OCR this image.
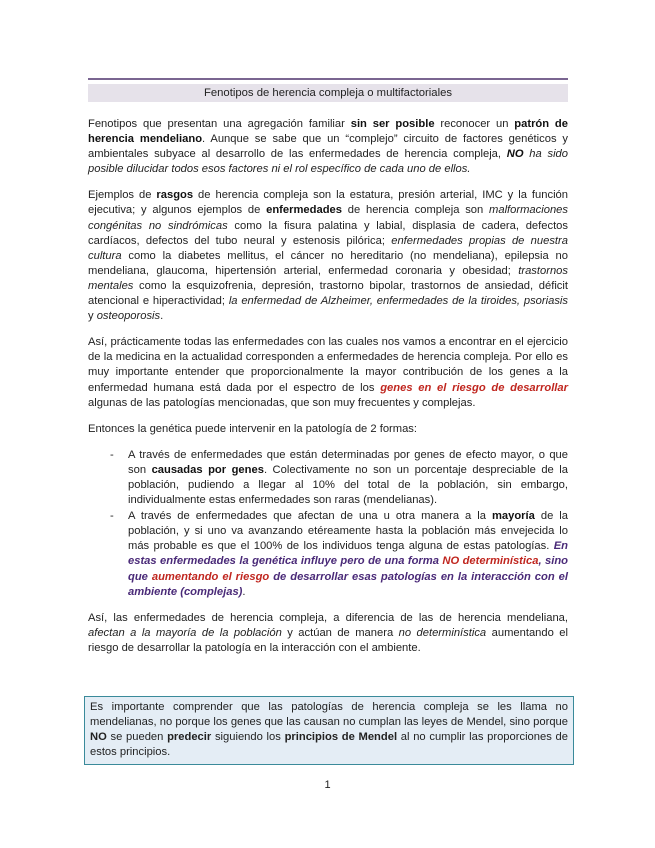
Fenotipos de herencia compleja o multifactoriales

Fenotipos que presentan una agregación familiar sin ser posible reconocer un patrón de herencia mendeliano. Aunque se sabe que un “complejo” circuito de factores genéticos y ambientales subyace al desarrollo de las enfermedades de herencia compleja, NO ha sido posible dilucidar todos esos factores ni el rol específico de cada uno de ellos.

Ejemplos de rasgos de herencia compleja son la estatura, presión arterial, IMC y la función ejecutiva; y algunos ejemplos de enfermedades de herencia compleja son malformaciones congénitas no sindrómicas como la fisura palatina y labial, displasia de cadera, defectos cardíacos, defectos del tubo neural y estenosis pilórica; enfermedades propias de nuestra cultura como la diabetes mellitus, el cáncer no hereditario (no mendeliana), epilepsia no mendeliana, glaucoma, hipertensión arterial, enfermedad coronaria y obesidad; trastornos mentales como la esquizofrenia, depresión, trastorno bipolar, trastornos de ansiedad, déficit atencional e hiperactividad; la enfermedad de Alzheimer, enfermedades de la tiroides, psoriasis y osteoporosis.

Así, prácticamente todas las enfermedades con las cuales nos vamos a encontrar en el ejercicio de la medicina en la actualidad corresponden a enfermedades de herencia compleja. Por ello es muy importante entender que proporcionalmente la mayor contribución de los genes a la enfermedad humana está dada por el espectro de los genes en el riesgo de desarrollar algunas de las patologías mencionadas, que son muy frecuentes y complejas.

Entonces la genética puede intervenir en la patología de 2 formas:

- A través de enfermedades que están determinadas por genes de efecto mayor, o que son causadas por genes. Colectivamente no son un porcentaje despreciable de la población, pudiendo a llegar al 10% del total de la población, sin embargo, individualmente estas enfermedades son raras (mendelianas).
- A través de enfermedades que afectan de una u otra manera a la mayoría de la población, y si uno va avanzando etéreamente hasta la población más envejecida lo más probable es que el 100% de los individuos tenga alguna de estas patologías. En estas enfermedades la genética influye pero de una forma NO determinística, sino que aumentando el riesgo de desarrollar esas patologías en la interacción con el ambiente (complejas).

Así, las enfermedades de herencia compleja, a diferencia de las de herencia mendeliana, afectan a la mayoría de la población y actúan de manera no determinística aumentando el riesgo de desarrollar la patología en la interacción con el ambiente.

Es importante comprender que las patologías de herencia compleja se les llama no mendelianas, no porque los genes que las causan no cumplan las leyes de Mendel, sino porque NO se pueden predecir siguiendo los principios de Mendel al no cumplir las proporciones de estos principios.
1
